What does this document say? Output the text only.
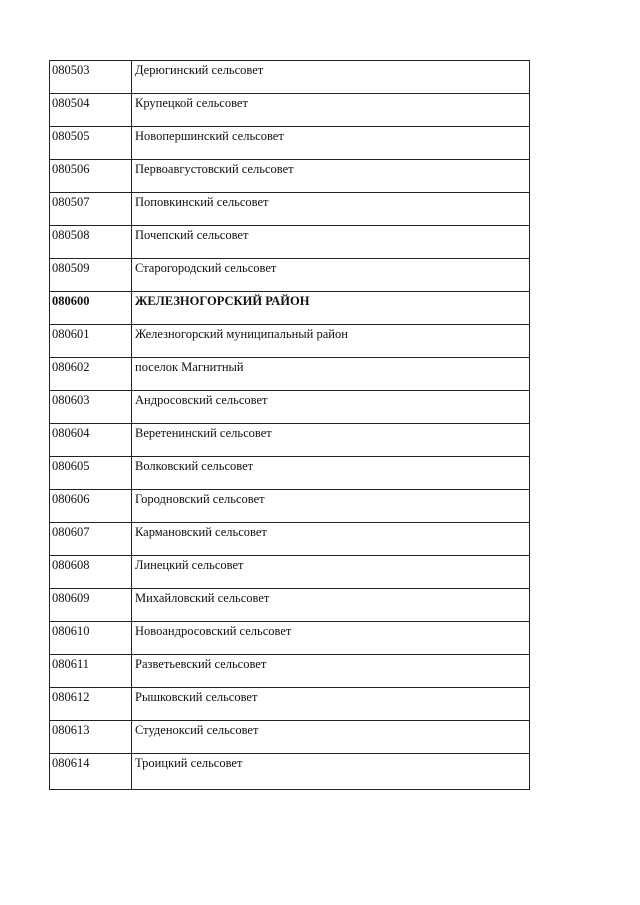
080503	Дерюгинский сельсовет
080504	Крупецкой сельсовет
080505	Новопершинский сельсовет
080506	Первоавгустовский сельсовет
080507	Поповкинский сельсовет
080508	Почепский сельсовет
080509	Старогородский сельсовет
080600	ЖЕЛЕЗНОГОРСКИЙ РАЙОН
080601	Железногорский муниципальный район
080602	поселок Магнитный
080603	Андросовский сельсовет
080604	Веретенинский сельсовет
080605	Волковский сельсовет
080606	Городновский сельсовет
080607	Кармановский сельсовет
080608	Линецкий сельсовет
080609	Михайловский сельсовет
080610	Новоандросовский сельсовет
080611	Разветьевский сельсовет
080612	Рышковский сельсовет
080613	Студеноксий сельсовет
080614	Троицкий сельсовет
